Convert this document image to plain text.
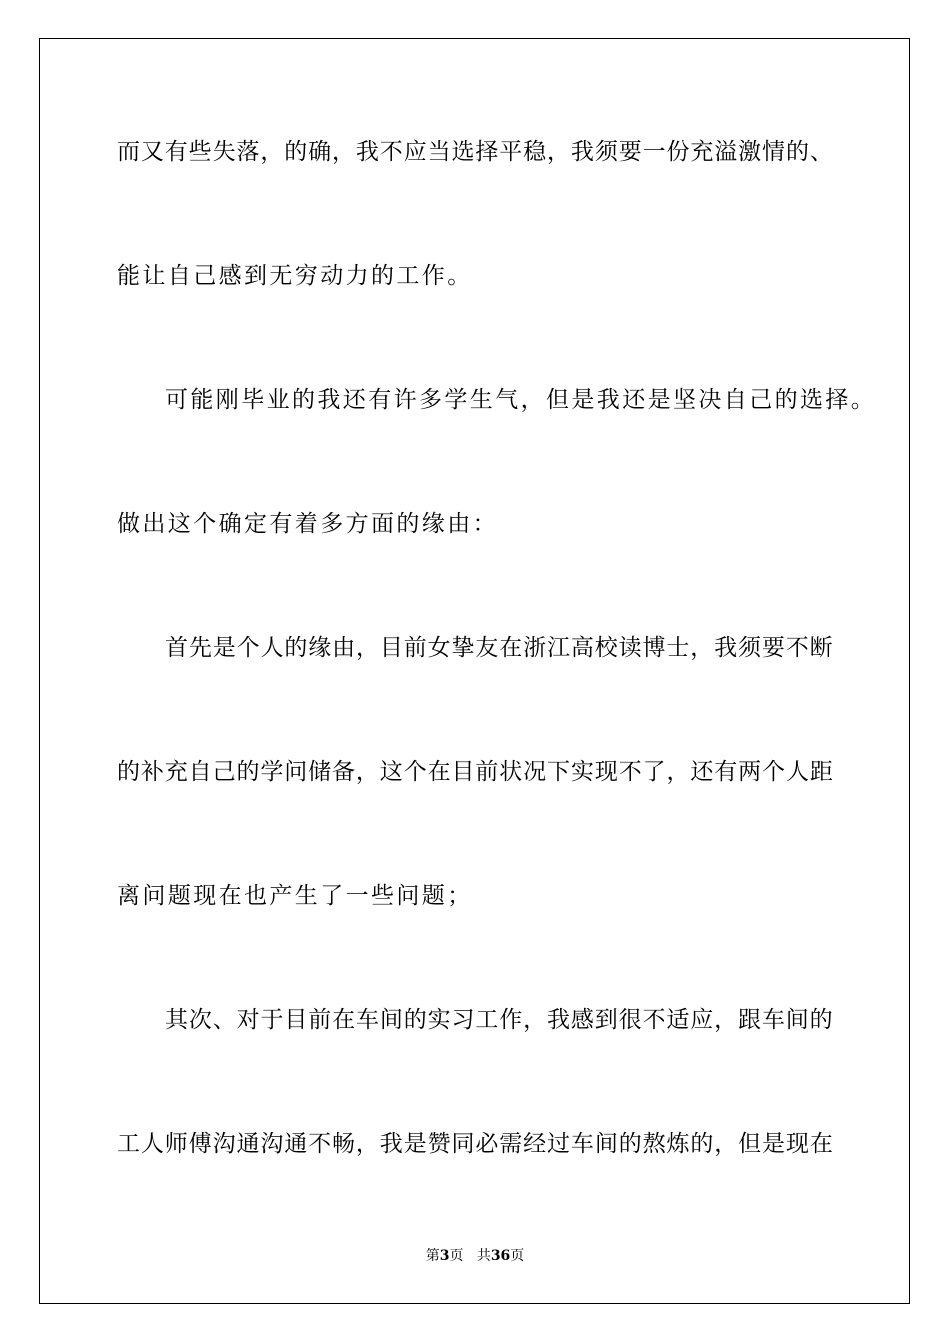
而 又 有 些 失 落 ， 的 确 ， 我 不 应 当 选 择 平 稳 ， 我 须 要 一 份 充 溢 激 情 的 、
能让自己感到无穷动力的工作。
可能刚毕业的我还有许多学生气，但是我还是坚决自己的选择。
做出这个确定有着多方面的缘由：
首 先 是 个 人 的 缘 由 ， 目 前 女 挚 友 在 浙 江 高 校 读 博 士 ， 我 须 要 不 断
的 补 充 自 己 的 学 问 储 备 ， 这 个 在 目 前 状 况 下 实 现 不 了 ， 还 有 两 个 人 距
离问题现在也产生了一些问题；
其 次 、 对 于 目 前 在 车 间 的 实 习 工 作 ， 我 感 到 很 不 适 应 ， 跟 车 间 的
工 人 师 傅 沟 通 沟 通 不 畅 ， 我 是 赞 同 必 需 经 过 车 间 的 熬 炼 的 ， 但 是 现 在
第3页 共36页
